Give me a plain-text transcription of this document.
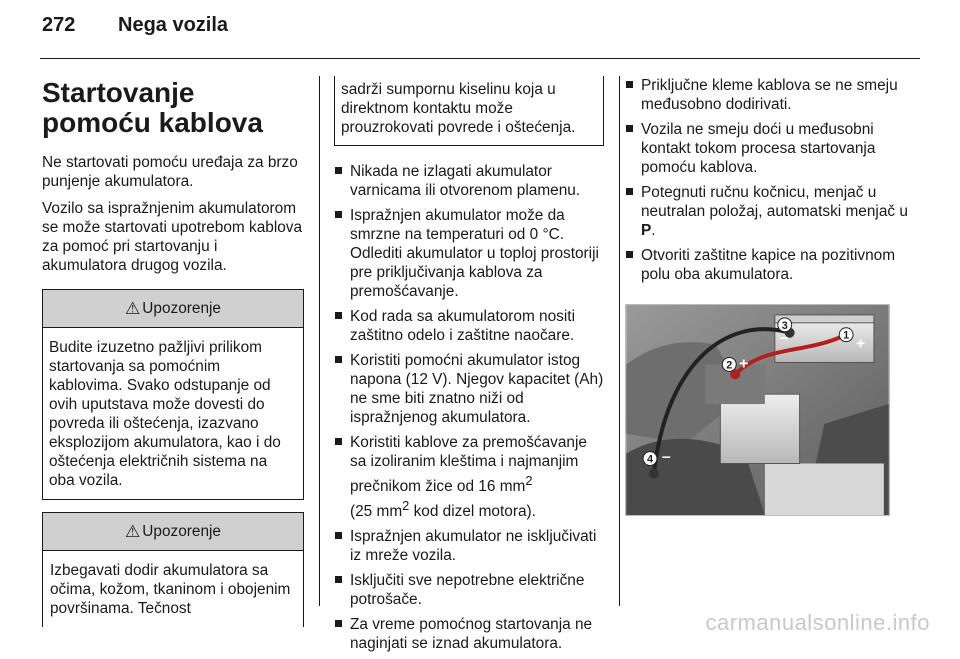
272	Nega vozila
Startovanje pomoću kablova

Ne startovati pomoću uređaja za brzo punjenje akumulatora.

Vozilo sa ispražnjenim akumulatorom se može startovati upotrebom kablova za pomoć pri startovanju i akumulatora drugog vozila.

⚠ Upozorenje
Budite izuzetno pažljivi prilikom startovanja sa pomoćnim kablovima. Svako odstupanje od ovih uputstava može dovesti do povreda ili oštećenja, izazvano eksplozijom akumulatora, kao i do oštećenja električnih sistema na oba vozila.
⚠ Upozorenje
Izbegavati dodir akumulatora sa očima, kožom, tkaninom i obojenim površinama. Tečnost
sadrži sumpornu kiselinu koja u direktnom kontaktu može prouzrokovati povrede i oštećenja.
Nikada ne izlagati akumulator varnicama ili otvorenom plamenu.
Ispražnjen akumulator može da smrzne na temperaturi od 0 °C. Odlediti akumulator u toploj prostoriji pre priključivanja kablova za premošćavanje.
Kod rada sa akumulatorom nositi zaštitno odelo i zaštitne naočare.
Koristiti pomoćni akumulator istog napona (12 V). Njegov kapacitet (Ah) ne sme biti znatno niži od ispražnjenog akumulatora.
Koristiti kablove za premošćavanje sa izoliranim kleštima i najmanjim prečnikom žice od 16 $mm^2$
(25 $mm^2$ kod dizel motora).
Ispražnjen akumulator ne isključivati iz mreže vozila.
Isključiti sve nepotrebne električne potrošače.
Za vreme pomoćnog startovanja ne naginjati se iznad akumulatora.
Priključne kleme kablova se ne smeju međusobno dodirivati.
Vozila ne smeju doći u međusobni kontakt tokom procesa startovanja pomoću kablova.
Potegnuti ručnu kočnicu, menjač u neutralan položaj, automatski menjač u P.
Otvoriti zaštitne kapice na pozitivnom polu oba akumulatora.
1 +
2 +
3
–
4 –
carmanualsonline.info
